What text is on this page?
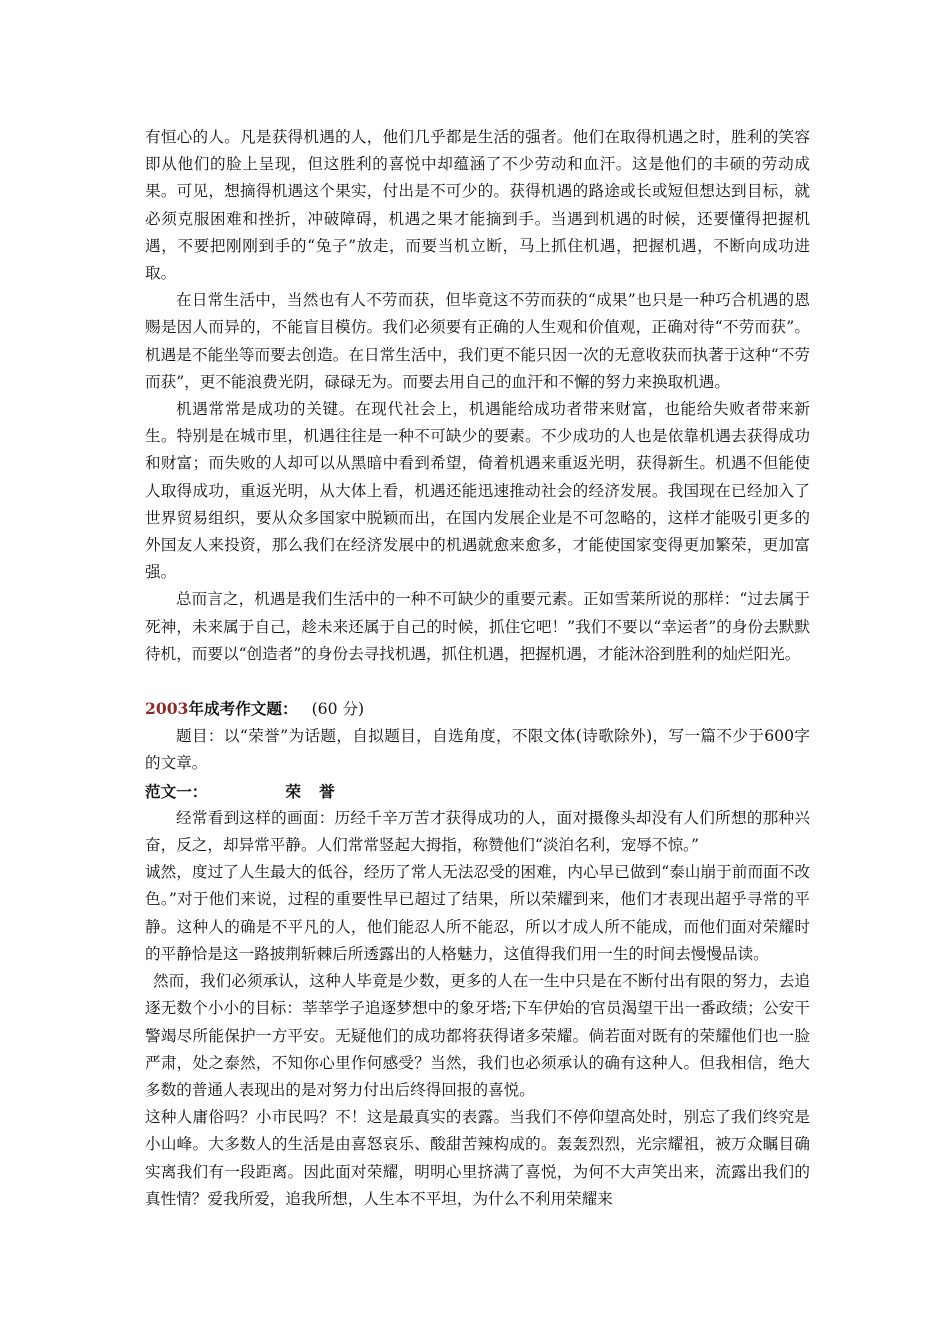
有恒心的人。凡是获得机遇的人，他们几乎都是生活的强者。他们在取得机遇之时，胜利的笑容即从他们的脸上呈现，但这胜利的喜悦中却蕴涵了不少劳动和血汗。这是他们的丰硕的劳动成果。可见，想摘得机遇这个果实，付出是不可少的。获得机遇的路途或长或短但想达到目标，就必须克服困难和挫折，冲破障碍，机遇之果才能摘到手。当遇到机遇的时候，还要懂得把握机遇，不要把刚刚到手的“兔子”放走，而要当机立断，马上抓住机遇，把握机遇，不断向成功进取。

在日常生活中，当然也有人不劳而获，但毕竟这不劳而获的“成果”也只是一种巧合机遇的恩赐是因人而异的，不能盲目模仿。我们必须要有正确的人生观和价值观，正确对待“不劳而获”。机遇是不能坐等而要去创造。在日常生活中，我们更不能只因一次的无意收获而执著于这种“不劳而获”，更不能浪费光阴，碌碌无为。而要去用自己的血汗和不懈的努力来换取机遇。

机遇常常是成功的关键。在现代社会上，机遇能给成功者带来财富，也能给失败者带来新生。特别是在城市里，机遇往往是一种不可缺少的要素。不少成功的人也是依靠机遇去获得成功和财富；而失败的人却可以从黑暗中看到希望，倚着机遇来重返光明，获得新生。机遇不但能使人取得成功，重返光明，从大体上看，机遇还能迅速推动社会的经济发展。我国现在已经加入了世界贸易组织，要从众多国家中脱颖而出，在国内发展企业是不可忽略的，这样才能吸引更多的外国友人来投资，那么我们在经济发展中的机遇就愈来愈多，才能使国家变得更加繁荣，更加富强。

总而言之，机遇是我们生活中的一种不可缺少的重要元素。正如雪莱所说的那样：“过去属于死神，未来属于自己，趁未来还属于自己的时候，抓住它吧！”我们不要以“幸运者”的身份去默默待机，而要以“创造者”的身份去寻找机遇，抓住机遇，把握机遇，才能沐浴到胜利的灿烂阳光。

2003年成考作文题： (60 分)

题目：以“荣誉”为话题，自拟题目，自选角度，不限文体(诗歌除外)，写一篇不少于600字的文章。

范文一：	荣誉

经常看到这样的画面：历经千辛万苦才获得成功的人，面对摄像头却没有人们所想的那种兴奋，反之，却异常平静。人们常常竖起大拇指，称赞他们“淡泊名利，宠辱不惊。”

诚然，度过了人生最大的低谷，经历了常人无法忍受的困难，内心早已做到“泰山崩于前而面不改色。”对于他们来说，过程的重要性早已超过了结果，所以荣耀到来，他们才表现出超乎寻常的平静。这种人的确是不平凡的人，他们能忍人所不能忍，所以才成人所不能成，而他们面对荣耀时的平静恰是这一路披荆斩棘后所透露出的人格魅力，这值得我们用一生的时间去慢慢品读。

然而，我们必须承认，这种人毕竟是少数，更多的人在一生中只是在不断付出有限的努力，去追逐无数个小小的目标：莘莘学子追逐梦想中的象牙塔;下车伊始的官员渴望干出一番政绩；公安干警竭尽所能保护一方平安。无疑他们的成功都将获得诸多荣耀。倘若面对既有的荣耀他们也一脸严肃，处之泰然，不知你心里作何感受？当然，我们也必须承认的确有这种人。但我相信，绝大多数的普通人表现出的是对努力付出后终得回报的喜悦。

这种人庸俗吗？小市民吗？不！这是最真实的表露。当我们不停仰望高处时，别忘了我们终究是小山峰。大多数人的生活是由喜怒哀乐、酸甜苦辣构成的。轰轰烈烈，光宗耀祖，被万众瞩目确实离我们有一段距离。因此面对荣耀，明明心里挤满了喜悦，为何不大声笑出来，流露出我们的真性情？爱我所爱，追我所想，人生本不平坦，为什么不利用荣耀来
